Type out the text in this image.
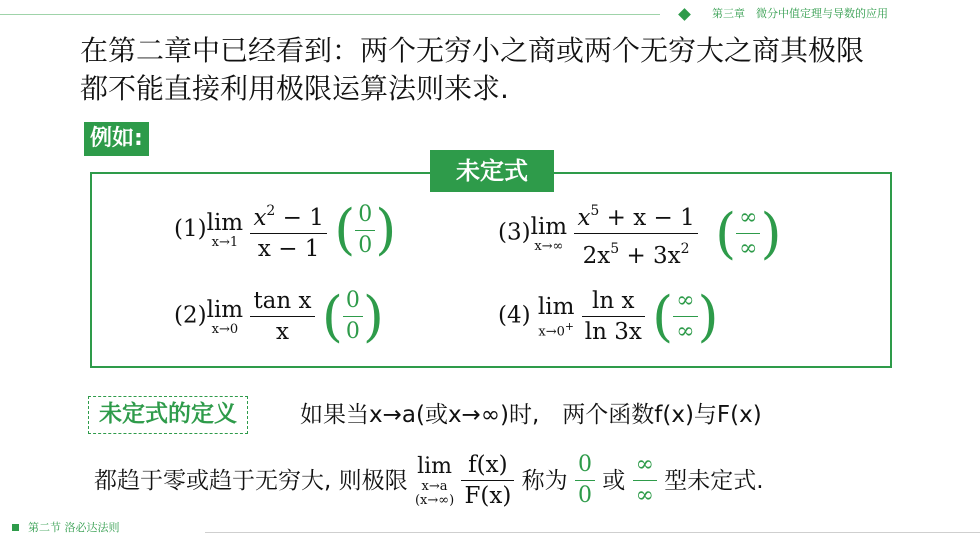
第三章　微分中值定理与导数的应用
在第二章中已经看到：两个无穷小之商或两个无穷大之商其极限
都不能直接利用极限运算法则来求.
例如:
未定式
(1) lim
x→1
$\frac{x^2 - 1}{x - 1}$ ( $\frac{0}{0}$ )
(2) lim
x→0
$\frac{\text{tan x}}{x}$ ( $\frac{0}{0}$ )
(3) lim
x→∞
$\frac{x^5 + x - 1}{2x^5 + 3x^2}$ ( $\frac{\infty}{\infty}$ )
(4) lim
x→0+
$\frac{\text{ln x}}{\ln 3x}$ ( $\frac{\infty}{\infty}$ )
未定式的定义	如果当x→a(或x→∞)时,　两个函数f(x)与F(x)
都趋于零或趋于无穷大, 则极限
lim
x→a
(x→∞)
$\frac{f(x)}{F(x)}$ 称为 $\frac{0}{0}$ 或 $\frac{\infty}{\infty}$ 型未定式.
第二节 洛必达法则
